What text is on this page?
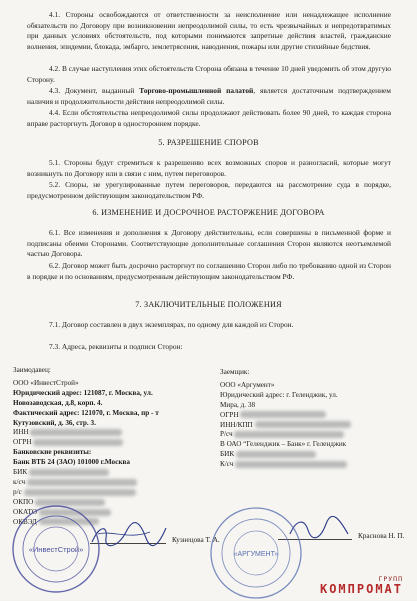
4.1. Стороны освобождаются от ответственности за неисполнение или ненадлежащее исполнение обязательств по Договору при возникновении непреодолимой силы, то есть чрезвычайных и непредотвратимых при данных условиях обстоятельств, под которыми понимаются запретные действия властей, гражданские волнения, эпидемии, блокада, эмбарго, землетрясения, наводнения, пожары или другие стихийные бедствия.
4.2. В случае наступления этих обстоятельств Сторона обязана в течение 10 дней уведомить об этом другую Сторону.
4.3. Документ, выданный Торгово-промышленной палатой, является достаточным подтверждением наличия и продолжительности действия непреодолимой силы.
4.4. Если обстоятельства непреодолимой силы продолжают действовать более 90 дней, то каждая сторона вправе расторгнуть Договор в одностороннем порядке.
5. РАЗРЕШЕНИЕ СПОРОВ
5.1. Стороны будут стремиться к разрешению всех возможных споров и разногласий, которые могут возникнуть по Договору или в связи с ним, путем переговоров.
5.2. Споры, не урегулированные путем переговоров, передаются на рассмотрение суда в порядке, предусмотренном действующим законодательством РФ.
6. ИЗМЕНЕНИЕ И ДОСРОЧНОЕ РАСТОРЖЕНИЕ ДОГОВОРА
6.1. Все изменения и дополнения к Договору действительны, если совершены в письменной форме и подписаны обеими Сторонами. Соответствующие дополнительные соглашения Сторон являются неотъемлемой частью Договора.
6.2. Договор может быть досрочно расторгнут по соглашению Сторон либо по требованию одной из Сторон в порядке и по основаниям, предусмотренным действующим законодательством РФ.
7. ЗАКЛЮЧИТЕЛЬНЫЕ ПОЛОЖЕНИЯ
7.1. Договор составлен в двух экземплярах, по одному для каждой из Сторон.
7.3. Адреса, реквизиты и подписи Сторон:
Заимодавец:
ООО «ИнвестСтрой»
Юридический адрес: 121087, г. Москва, ул.
Новозаводская, д.8, корп. 4.
Фактический адрес: 121070, г. Москва, пр - т
Кутузовский, д. 36, стр. 3.
ИНН
ОГРН
Банковские реквизиты:
Банк ВТБ 24 (ЗАО) 101000 г.Москва
БИК
к/сч
р/с
ОКПО
ОКАТО
ОКВЭД
Заемщик:
ООО «Аргумент»
Юридический адрес: г. Геленджик, ул.
Мира, д. 38
ОГРН
ИНН/КПП
Р/сч
В ОАО “Геленджик – Банк» г. Геленджик
БИК
К/сч
Кузнецова Т. А.	Краснова Н. П.
«ИнвестСтрой»
«АРГУМЕНТ»
ГРУПП
КОМПРОМАТ
